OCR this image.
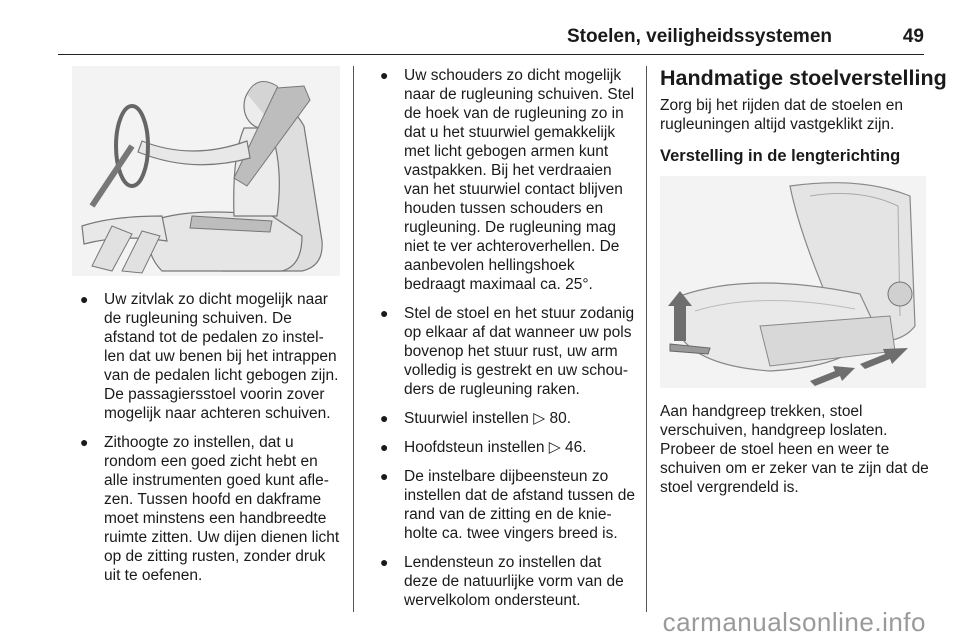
Stoelen, veiligheidssystemen	49
● Uw zitvlak zo dicht mogelijk naar de rugleuning schuiven. De afstand tot de pedalen zo instel-len dat uw benen bij het intrappen van de pedalen licht gebogen zijn. De passagiersstoel voorin zover mogelijk naar achteren schuiven.
● Zithoogte zo instellen, dat u rondom een goed zicht hebt en alle instrumenten goed kunt afle-zen. Tussen hoofd en dakframe moet minstens een handbreedte ruimte zitten. Uw dijen dienen licht op de zitting rusten, zonder druk uit te oefenen.
● Uw schouders zo dicht mogelijk naar de rugleuning schuiven. Stel de hoek van de rugleuning zo in dat u het stuurwiel gemakkelijk met licht gebogen armen kunt vastpakken. Bij het verdraaien van het stuurwiel contact blijven houden tussen schouders en rugleuning. De rugleuning mag niet te ver achteroverhellen. De aanbevolen hellingshoek bedraagt maximaal ca. 25°.
● Stel de stoel en het stuur zodanig op elkaar af dat wanneer uw pols bovenop het stuur rust, uw arm volledig is gestrekt en uw schou-ders de rugleuning raken.
● Stuurwiel instellen ▷ 80.
● Hoofdsteun instellen ▷ 46.
● De instelbare dijbeensteun zo instellen dat de afstand tussen de rand van de zitting en de knie-holte ca. twee vingers breed is.
● Lendensteun zo instellen dat deze de natuurlijke vorm van de wervelkolom ondersteunt.
Handmatige stoelverstelling

Zorg bij het rijden dat de stoelen en rugleuningen altijd vastgeklikt zijn.

Verstelling in de lengterichting

Aan handgreep trekken, stoel verschuiven, handgreep loslaten. Probeer de stoel heen en weer te schuiven om er zeker van te zijn dat de stoel vergrendeld is.

carmanualsonline.info
